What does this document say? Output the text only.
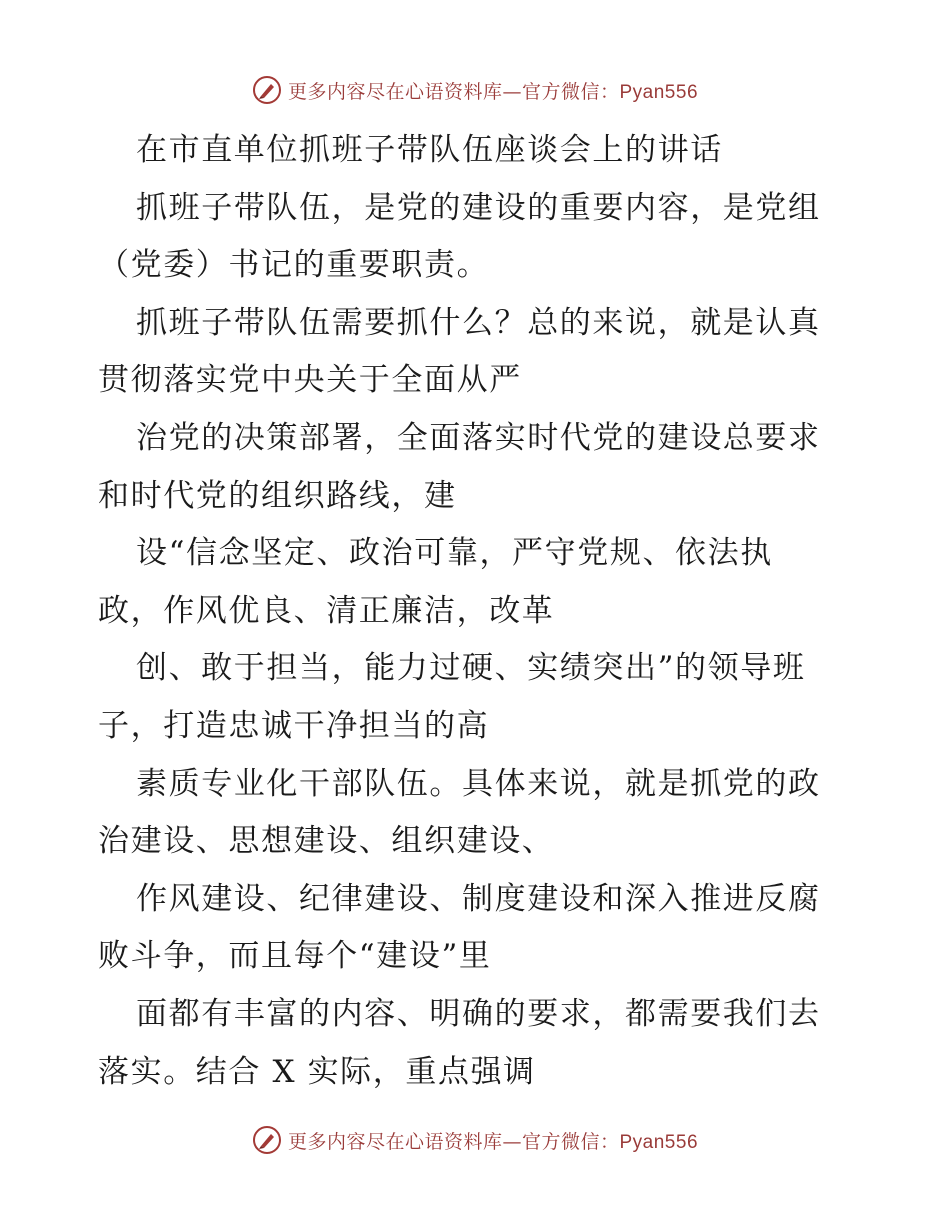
更多内容尽在心语资料库—官方微信：Pyan556
在市直单位抓班子带队伍座谈会上的讲话
抓班子带队伍，是党的建设的重要内容，是党组
（党委）书记的重要职责。
抓班子带队伍需要抓什么？总的来说，就是认真
贯彻落实党中央关于全面从严
治党的决策部署，全面落实时代党的建设总要求
和时代党的组织路线，建
设“信念坚定、政治可靠，严守党规、依法执
政，作风优良、清正廉洁，改革
创、敢于担当，能力过硬、实绩突出”的领导班
子，打造忠诚干净担当的高
素质专业化干部队伍。具体来说，就是抓党的政
治建设、思想建设、组织建设、
作风建设、纪律建设、制度建设和深入推进反腐
败斗争，而且每个“建设”里
面都有丰富的内容、明确的要求，都需要我们去
落实。结合 X 实际，重点强调
更多内容尽在心语资料库—官方微信：Pyan556
